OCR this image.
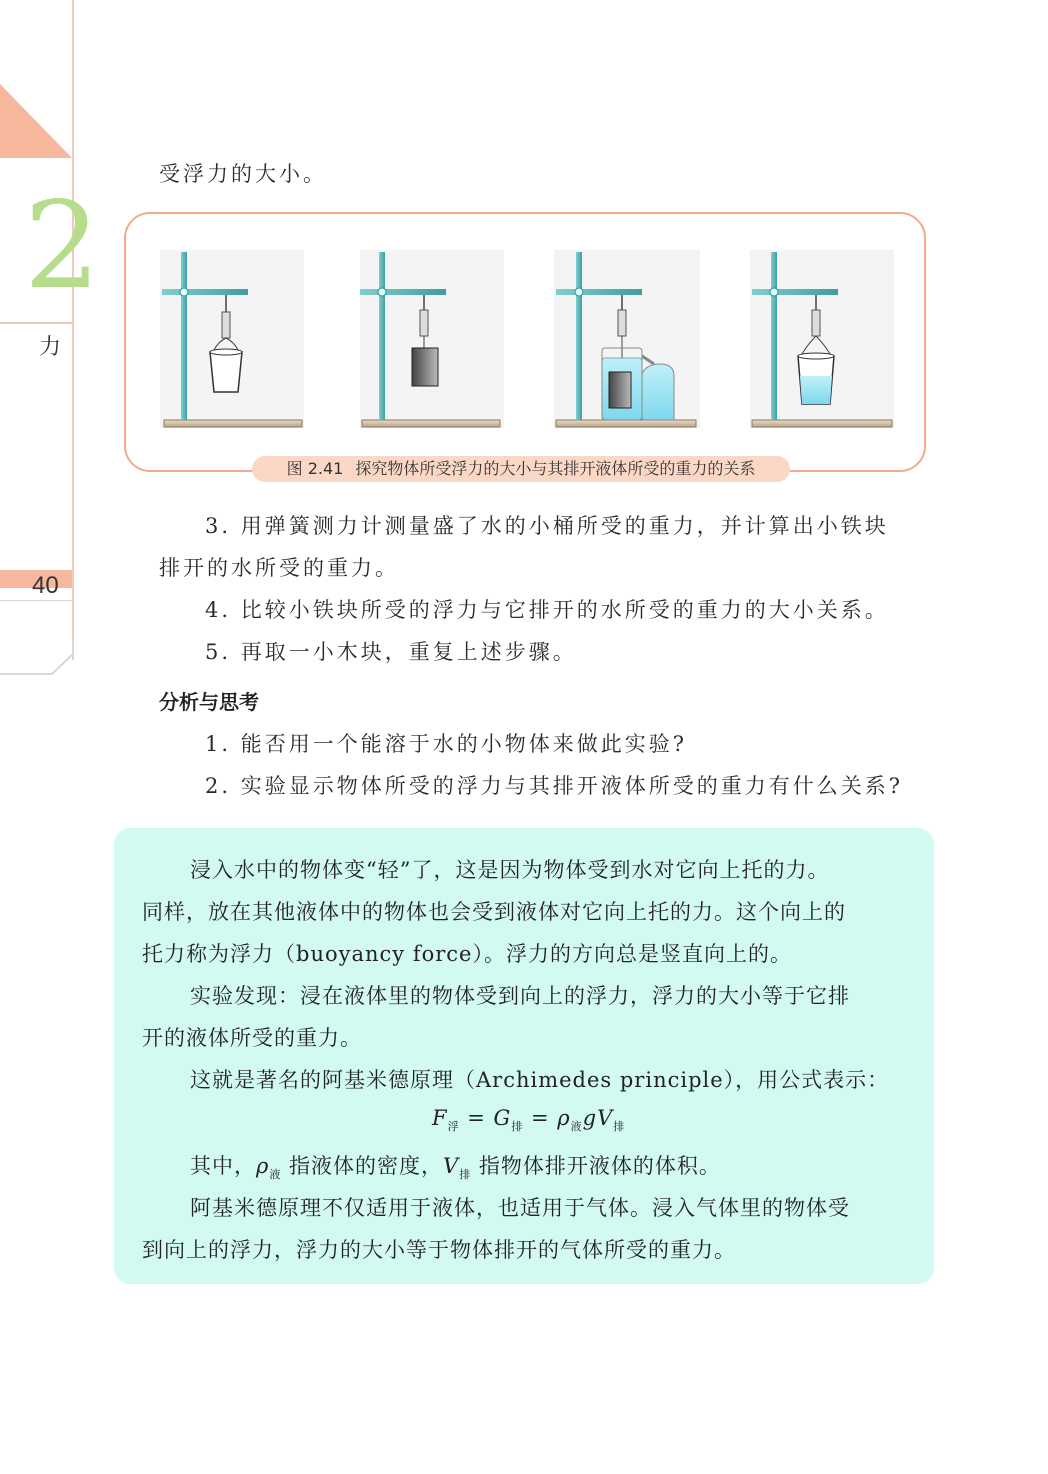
2
力
40

受浮力的大小。

图 2.41 探究物体所受浮力的大小与其排开液体所受的重力的关系

3. 用弹簧测力计测量盛了水的小桶所受的重力，并计算出小铁块

排开的水所受的重力。

4. 比较小铁块所受的浮力与它排开的水所受的重力的大小关系。

5. 再取一小木块，重复上述步骤。

分析与思考

1. 能否用一个能溶于水的小物体来做此实验?

2. 实验显示物体所受的浮力与其排开液体所受的重力有什么关系?

浸入水中的物体变“轻”了，这是因为物体受到水对它向上托的力。

同样，放在其他液体中的物体也会受到液体对它向上托的力。这个向上的

托力称为浮力（buoyancy force）。浮力的方向总是竖直向上的。

实验发现：浸在液体里的物体受到向上的浮力，浮力的大小等于它排

开的液体所受的重力。

这就是著名的阿基米德原理（Archimedes principle），用公式表示：

$F_浮 = G_排 = \rho_液gV_排$

其中，$\rho_液$ 指液体的密度，$V_排$ 指物体排开液体的体积。

阿基米德原理不仅适用于液体，也适用于气体。浸入气体里的物体受

到向上的浮力，浮力的大小等于物体排开的气体所受的重力。
